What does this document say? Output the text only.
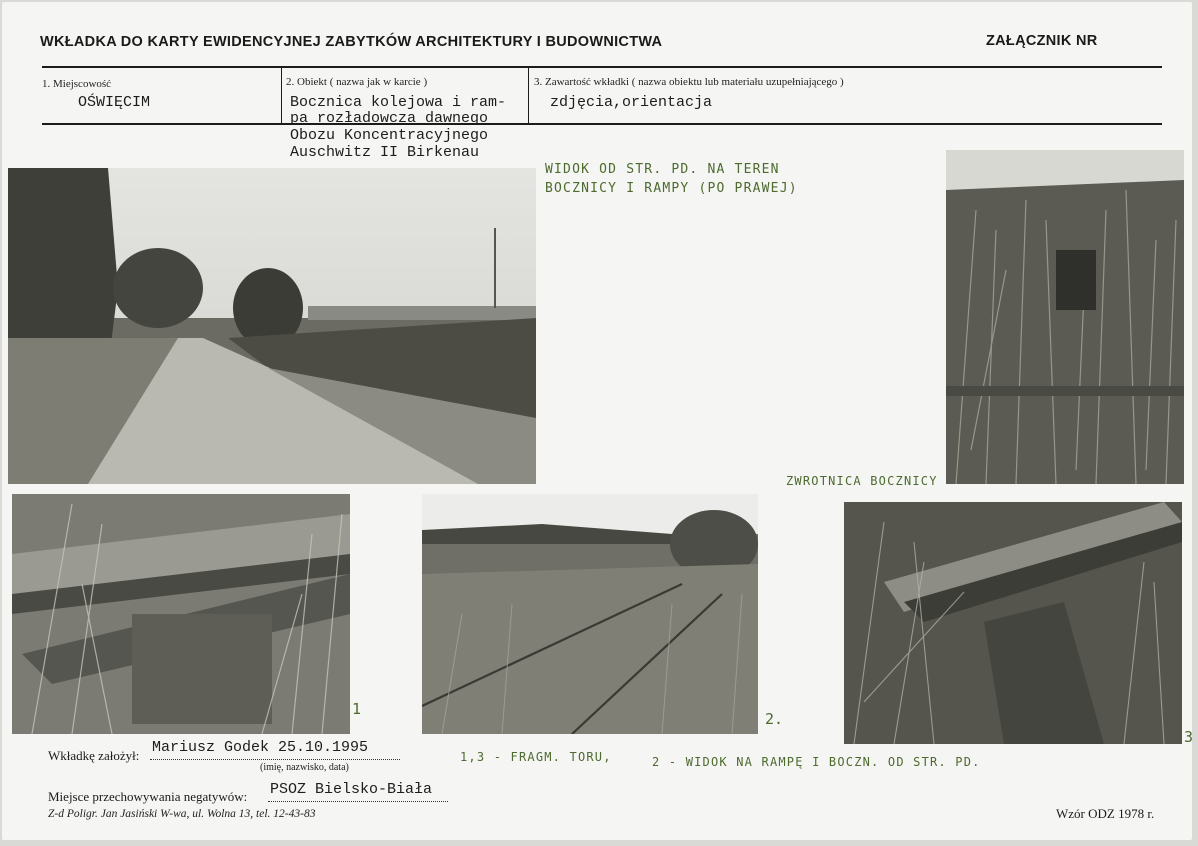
WKŁADKA DO KARTY EWIDENCYJNEJ ZABYTKÓW ARCHITEKTURY I BUDOWNICTWA	ZAŁĄCZNIK NR
1. Miejscowość
OŚWIĘCIM
2. Obiekt ( nazwa jak w karcie )
Bocznica kolejowa i ram-
pa rozładowcza dawnego
Obozu Koncentracyjnego
Auschwitz II Birkenau
3. Zawartość wkładki ( nazwa obiektu lub materiału uzupełniającego )
zdjęcia,orientacja
WIDOK OD STR. PD. NA TEREN
BOCZNICY I RAMPY (PO PRAWEJ)
ZWROTNICA BOCZNICY
1
2.
3
1,3 - FRAGM. TORU,	2 - WIDOK NA RAMPĘ I BOCZN. OD STR. PD.
Wkładkę założył: Mariusz Godek 25.10.1995
(imię, nazwisko, data)
Miejsce przechowywania negatywów: PSOZ Bielsko-Biała
Z-d Poligr. Jan Jasiński W-wa, ul. Wolna 13, tel. 12-43-83	Wzór ODZ 1978 r.
